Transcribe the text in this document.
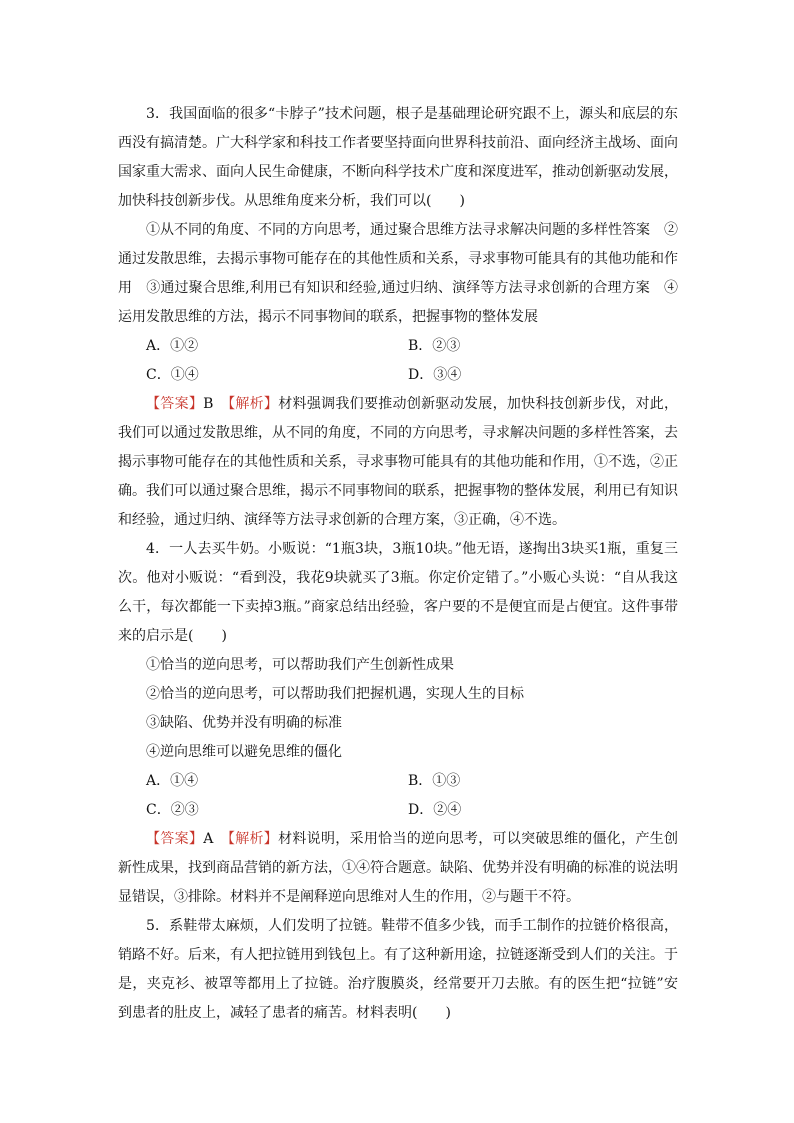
3．我国面临的很多“卡脖子”技术问题，根子是基础理论研究跟不上，源头和底层的东西没有搞清楚。广大科学家和科技工作者要坚持面向世界科技前沿、面向经济主战场、面向国家重大需求、面向人民生命健康，不断向科学技术广度和深度进军，推动创新驱动发展，加快科技创新步伐。从思维角度来分析，我们可以(　　)

①从不同的角度、不同的方向思考，通过聚合思维方法寻求解决问题的多样性答案　②通过发散思维，去揭示事物可能存在的其他性质和关系，寻求事物可能具有的其他功能和作用　③通过聚合思维,利用已有知识和经验,通过归纳、演绎等方法寻求创新的合理方案　④运用发散思维的方法，揭示不同事物间的联系，把握事物的整体发展

A．①②	B．②③
C．①④	D．③④

【答案】B　 【解析】材料强调我们要推动创新驱动发展，加快科技创新步伐，对此，我们可以通过发散思维，从不同的角度，不同的方向思考，寻求解决问题的多样性答案，去揭示事物可能存在的其他性质和关系，寻求事物可能具有的其他功能和作用，①不选，②正确。我们可以通过聚合思维，揭示不同事物间的联系，把握事物的整体发展，利用已有知识和经验，通过归纳、演绎等方法寻求创新的合理方案，③正确，④不选。

4．一人去买牛奶。小贩说：“1瓶3块，3瓶10块。”他无语，遂掏出3块买1瓶，重复三次。他对小贩说：“看到没，我花9块就买了3瓶。你定价定错了。”小贩心头说：“自从我这么干，每次都能一下卖掉3瓶。”商家总结出经验，客户要的不是便宜而是占便宜。这件事带来的启示是(　　)

①恰当的逆向思考，可以帮助我们产生创新性成果

②恰当的逆向思考，可以帮助我们把握机遇，实现人生的目标

③缺陷、优势并没有明确的标准

④逆向思维可以避免思维的僵化

A．①④	B．①③
C．②③	D．②④

【答案】A　 【解析】材料说明，采用恰当的逆向思考，可以突破思维的僵化，产生创新性成果，找到商品营销的新方法，①④符合题意。缺陷、优势并没有明确的标准的说法明显错误，③排除。材料并不是阐释逆向思维对人生的作用，②与题干不符。

5．系鞋带太麻烦，人们发明了拉链。鞋带不值多少钱，而手工制作的拉链价格很高，销路不好。后来，有人把拉链用到钱包上。有了这种新用途，拉链逐渐受到人们的关注。于是，夹克衫、被罩等都用上了拉链。治疗腹膜炎，经常要开刀去脓。有的医生把“拉链”安到患者的肚皮上，减轻了患者的痛苦。材料表明(　　)
